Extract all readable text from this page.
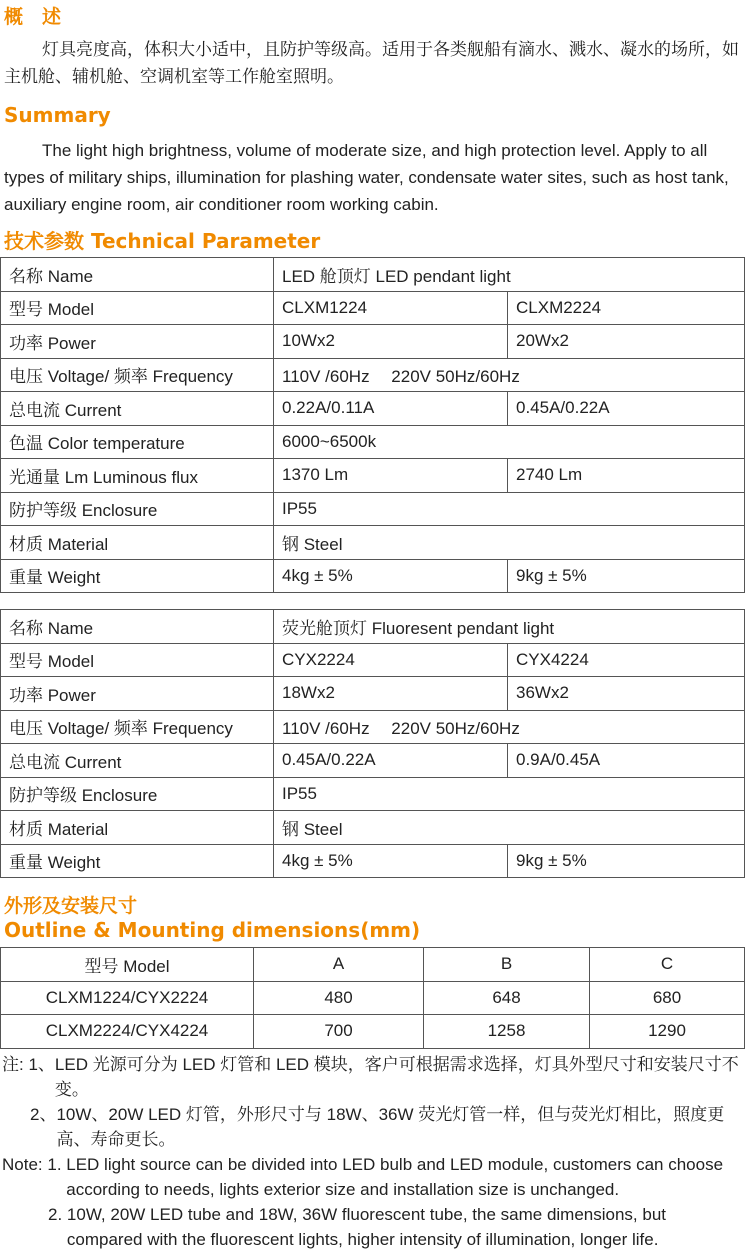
概　述

灯具亮度高，体积大小适中，且防护等级高。适用于各类舰船有滴水、溅水、凝水的场所，如主机舱、辅机舱、空调机室等工作舱室照明。

Summary

The light high brightness, volume of moderate size, and high protection level. Apply to all types of military ships, illumination for plashing water, condensate water sites, such as host tank, auxiliary engine room, air conditioner room working cabin.

技术参数 Technical Parameter
名称 Name	LED 舱顶灯 LED pendant light	
型号 Model	CLXM1224	CLXM2224
功率 Power	10Wx2	20Wx2
电压 Voltage/ 频率 Frequency	110V /60Hz　 220V 50Hz/60Hz	
总电流 Current	0.22A/0.11A	0.45A/0.22A
色温 Color temperature	6000~6500k	
光通量 Lm Luminous flux	1370 Lm	2740 Lm
防护等级 Enclosure	IP55	
材质 Material	钢 Steel	
重量 Weight	4kg ± 5%	9kg ± 5%
名称 Name	荧光舱顶灯 Fluoresent pendant light	
型号 Model	CYX2224	CYX4224
功率 Power	18Wx2	36Wx2
电压 Voltage/ 频率 Frequency	110V /60Hz　 220V 50Hz/60Hz	
总电流 Current	0.45A/0.22A	0.9A/0.45A
防护等级 Enclosure	IP55	
材质 Material	钢 Steel	
重量 Weight	4kg ± 5%	9kg ± 5%
外形及安装尺寸
Outline & Mounting dimensions(mm)
型号 Model	A	B	C
CLXM1224/CYX2224	480	648	680
CLXM2224/CYX4224	700	1258	1290
注: 1、 LED 光源可分为 LED 灯管和 LED 模块，客户可根据需求选择，灯具外型尺寸和安装尺寸不变。
2、 10W、20W LED 灯管，外形尺寸与 18W、36W 荧光灯管一样，但与荧光灯相比，照度更高、寿命更长。
Note: 1. LED light source can be divided into LED bulb and LED module, customers can choose according to needs, lights exterior size and installation size is unchanged.
2. 10W, 20W LED tube and 18W, 36W fluorescent tube, the same dimensions, but compared with the fluorescent lights, higher intensity of illumination, longer life.
